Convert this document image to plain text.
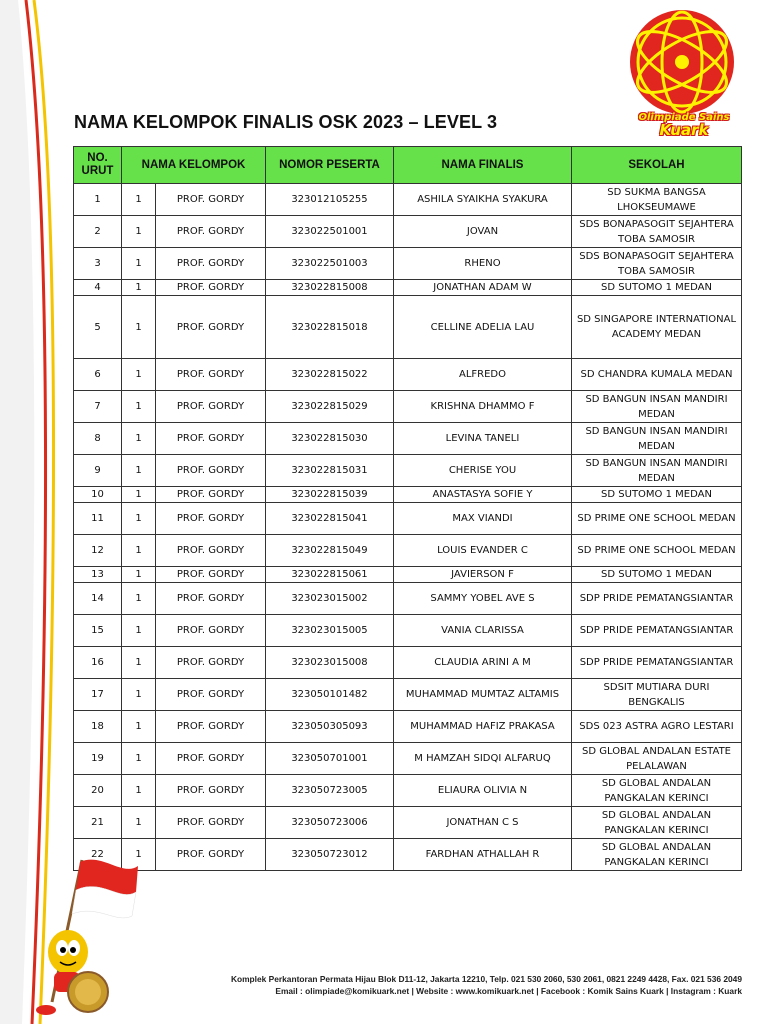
Olimpiade Sains
Kuark
NAMA KELOMPOK FINALIS OSK 2023 – LEVEL 3
NO. URUT	NAMA KELOMPOK		NOMOR PESERTA	NAMA FINALIS	SEKOLAH
1	1	PROF. GORDY	323012105255	ASHILA SYAIKHA SYAKURA	SD SUKMA BANGSA LHOKSEUMAWE
2	1	PROF. GORDY	323022501001	JOVAN	SDS BONAPASOGIT SEJAHTERA TOBA SAMOSIR
3	1	PROF. GORDY	323022501003	RHENO	SDS BONAPASOGIT SEJAHTERA TOBA SAMOSIR
4	1	PROF. GORDY	323022815008	JONATHAN ADAM W	SD SUTOMO 1 MEDAN
5	1	PROF. GORDY	323022815018	CELLINE ADELIA LAU	SD SINGAPORE INTERNATIONAL ACADEMY MEDAN
6	1	PROF. GORDY	323022815022	ALFREDO	SD CHANDRA KUMALA MEDAN
7	1	PROF. GORDY	323022815029	KRISHNA DHAMMO F	SD BANGUN INSAN MANDIRI MEDAN
8	1	PROF. GORDY	323022815030	LEVINA TANELI	SD BANGUN INSAN MANDIRI MEDAN
9	1	PROF. GORDY	323022815031	CHERISE YOU	SD BANGUN INSAN MANDIRI MEDAN
10	1	PROF. GORDY	323022815039	ANASTASYA SOFIE Y	SD SUTOMO 1 MEDAN
11	1	PROF. GORDY	323022815041	MAX VIANDI	SD PRIME ONE SCHOOL MEDAN
12	1	PROF. GORDY	323022815049	LOUIS EVANDER C	SD PRIME ONE SCHOOL MEDAN
13	1	PROF. GORDY	323022815061	JAVIERSON F	SD SUTOMO 1 MEDAN
14	1	PROF. GORDY	323023015002	SAMMY YOBEL AVE S	SDP PRIDE PEMATANGSIANTAR
15	1	PROF. GORDY	323023015005	VANIA CLARISSA	SDP PRIDE PEMATANGSIANTAR
16	1	PROF. GORDY	323023015008	CLAUDIA ARINI A M	SDP PRIDE PEMATANGSIANTAR
17	1	PROF. GORDY	323050101482	MUHAMMAD MUMTAZ ALTAMIS	SDSIT MUTIARA DURI BENGKALIS
18	1	PROF. GORDY	323050305093	MUHAMMAD HAFIZ PRAKASA	SDS 023 ASTRA AGRO LESTARI
19	1	PROF. GORDY	323050701001	M HAMZAH SIDQI ALFARUQ	SD GLOBAL ANDALAN ESTATE PELALAWAN
20	1	PROF. GORDY	323050723005	ELIAURA OLIVIA N	SD GLOBAL ANDALAN PANGKALAN KERINCI
21	1	PROF. GORDY	323050723006	JONATHAN C S	SD GLOBAL ANDALAN PANGKALAN KERINCI
22	1	PROF. GORDY	323050723012	FARDHAN ATHALLAH R	SD GLOBAL ANDALAN PANGKALAN KERINCI
Komplek Perkantoran Permata Hijau Blok D11-12, Jakarta 12210, Telp. 021 530 2060, 530 2061, 0821 2249 4428, Fax. 021 536 2049
Email : olimpiade@komikuark.net | Website : www.komikuark.net | Facebook : Komik Sains Kuark | Instagram : Kuark
